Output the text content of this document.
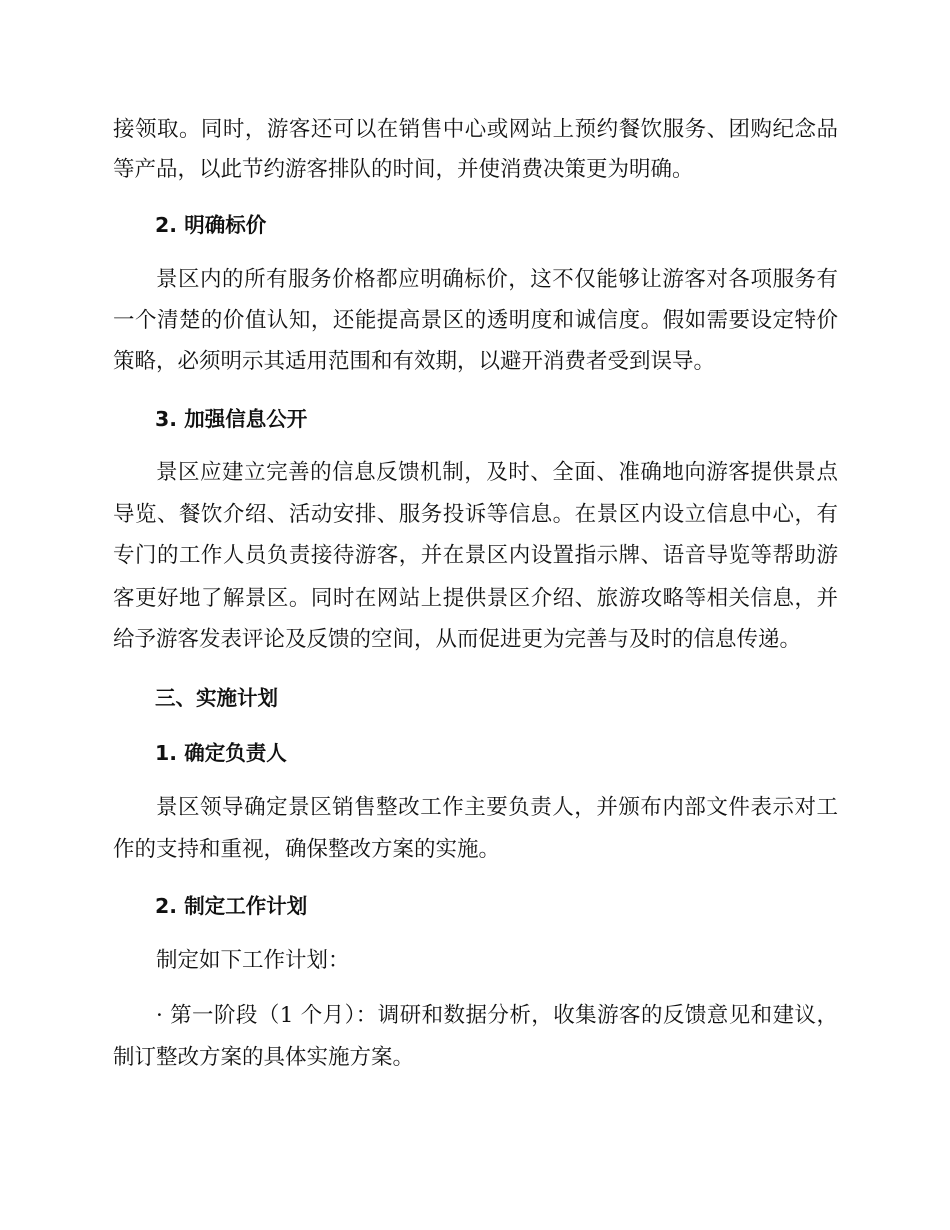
接领取。同时，游客还可以在销售中心或网站上预约餐饮服务、团购纪念品
等产品，以此节约游客排队的时间，并使消费决策更为明确。
2. 明确标价
景区内的所有服务价格都应明确标价，这不仅能够让游客对各项服务有
一个清楚的价值认知，还能提高景区的透明度和诚信度。假如需要设定特价
策略，必须明示其适用范围和有效期，以避开消费者受到误导。
3. 加强信息公开
景区应建立完善的信息反馈机制，及时、全面、准确地向游客提供景点
导览、餐饮介绍、活动安排、服务投诉等信息。在景区内设立信息中心，有
专门的工作人员负责接待游客，并在景区内设置指示牌、语音导览等帮助游
客更好地了解景区。同时在网站上提供景区介绍、旅游攻略等相关信息，并
给予游客发表评论及反馈的空间，从而促进更为完善与及时的信息传递。
三、实施计划
1. 确定负责人
景区领导确定景区销售整改工作主要负责人，并颁布内部文件表示对工
作的支持和重视，确保整改方案的实施。
2. 制定工作计划
制定如下工作计划：
· 第一阶段（1 个月）：调研和数据分析，收集游客的反馈意见和建议，
制订整改方案的具体实施方案。
